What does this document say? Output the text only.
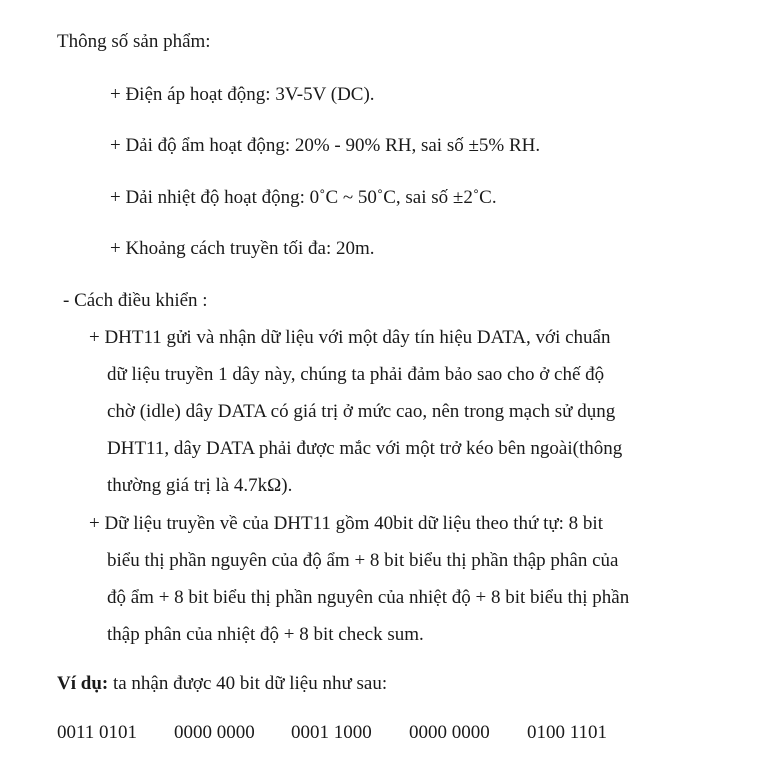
Thông số sản phẩm:
+ Điện áp hoạt động: 3V-5V (DC).
+ Dải độ ẩm hoạt động: 20% - 90% RH, sai số ±5% RH.
+ Dải nhiệt độ hoạt động: 0˚C ~ 50˚C, sai số ±2˚C.
+ Khoảng cách truyền tối đa: 20m.
- Cách điều khiển :
+ DHT11 gửi và nhận dữ liệu với một dây tín hiệu DATA, với chuẩn
dữ liệu truyền 1 dây này, chúng ta phải đảm bảo sao cho ở chế độ
chờ (idle) dây DATA có giá trị ở mức cao, nên trong mạch sử dụng
DHT11, dây DATA phải được mắc với một trở kéo bên ngoài(thông
thường giá trị là 4.7kΩ).
+ Dữ liệu truyền về của DHT11 gồm 40bit dữ liệu theo thứ tự: 8 bit
biểu thị phần nguyên của độ ẩm + 8 bit biểu thị phần thập phân của
độ ẩm + 8 bit biểu thị phần nguyên của nhiệt độ + 8 bit biểu thị phần
thập phân của nhiệt độ + 8 bit check sum.
Ví dụ: ta nhận được 40 bit dữ liệu như sau:
0011 0101 0000 0000 0001 1000 0000 0000 0100 1101
